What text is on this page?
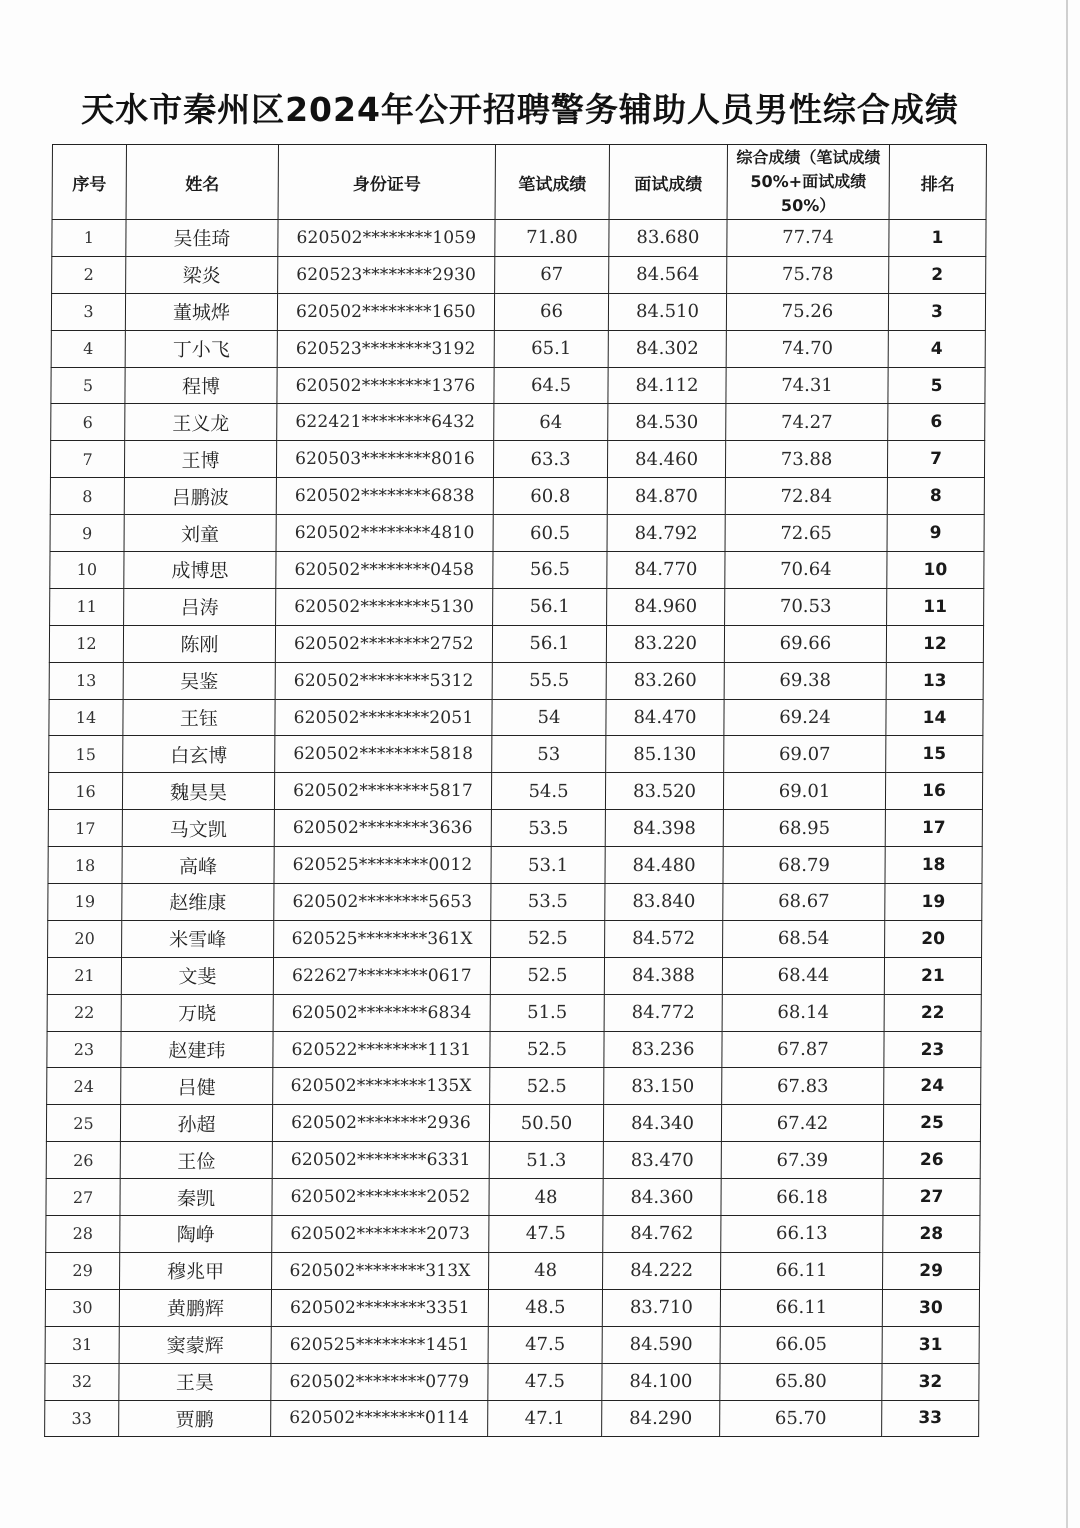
天水市秦州区2024年公开招聘警务辅助人员男性综合成绩
序号	姓名	身份证号	笔试成绩	面试成绩	综合成绩（笔试成绩50%+面试成绩50%）	排名
1	吴佳琦	620502********1059	71.80	83.680	77.74	1
2	梁炎	620523********2930	67	84.564	75.78	2
3	董城烨	620502********1650	66	84.510	75.26	3
4	丁小飞	620523********3192	65.1	84.302	74.70	4
5	程博	620502********1376	64.5	84.112	74.31	5
6	王义龙	622421********6432	64	84.530	74.27	6
7	王博	620503********8016	63.3	84.460	73.88	7
8	吕鹏波	620502********6838	60.8	84.870	72.84	8
9	刘童	620502********4810	60.5	84.792	72.65	9
10	成博思	620502********0458	56.5	84.770	70.64	10
11	吕涛	620502********5130	56.1	84.960	70.53	11
12	陈刚	620502********2752	56.1	83.220	69.66	12
13	吴鉴	620502********5312	55.5	83.260	69.38	13
14	王钰	620502********2051	54	84.470	69.24	14
15	白玄博	620502********5818	53	85.130	69.07	15
16	魏昊昊	620502********5817	54.5	83.520	69.01	16
17	马文凯	620502********3636	53.5	84.398	68.95	17
18	高峰	620525********0012	53.1	84.480	68.79	18
19	赵维康	620502********5653	53.5	83.840	68.67	19
20	米雪峰	620525********361X	52.5	84.572	68.54	20
21	文斐	622627********0617	52.5	84.388	68.44	21
22	万晓	620502********6834	51.5	84.772	68.14	22
23	赵建玮	620522********1131	52.5	83.236	67.87	23
24	吕健	620502********135X	52.5	83.150	67.83	24
25	孙超	620502********2936	50.50	84.340	67.42	25
26	王俭	620502********6331	51.3	83.470	67.39	26
27	秦凯	620502********2052	48	84.360	66.18	27
28	陶峥	620502********2073	47.5	84.762	66.13	28
29	穆兆甲	620502********313X	48	84.222	66.11	29
30	黄鹏辉	620502********3351	48.5	83.710	66.11	30
31	窦蒙辉	620525********1451	47.5	84.590	66.05	31
32	王昊	620502********0779	47.5	84.100	65.80	32
33	贾鹏	620502********0114	47.1	84.290	65.70	33
